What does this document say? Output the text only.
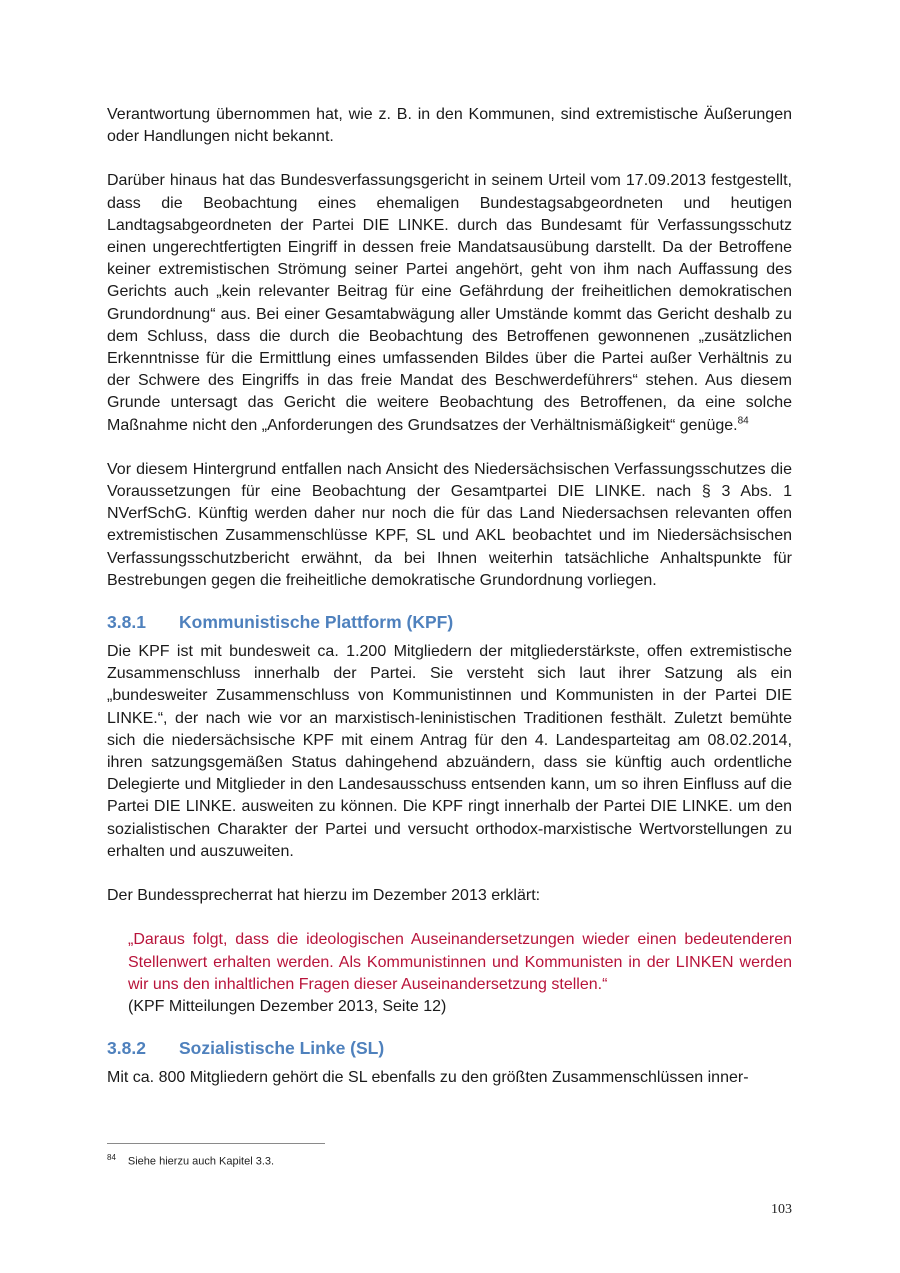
Verantwortung übernommen hat, wie z. B. in den Kommunen, sind extremistische Äußerungen oder Handlungen nicht bekannt.

Darüber hinaus hat das Bundesverfassungsgericht in seinem Urteil vom 17.09.2013 festgestellt, dass die Beobachtung eines ehemaligen Bundestagsabgeordneten und heutigen Landtagsabgeordneten der Partei DIE LINKE. durch das Bundesamt für Verfassungsschutz einen ungerechtfertigten Eingriff in dessen freie Mandatsausübung darstellt. Da der Betroffene keiner extremistischen Strömung seiner Partei angehört, geht von ihm nach Auffassung des Gerichts auch „kein relevanter Beitrag für eine Gefährdung der freiheitlichen demokratischen Grundordnung“ aus. Bei einer Gesamtabwägung aller Umstände kommt das Gericht deshalb zu dem Schluss, dass die durch die Beobachtung des Betroffenen gewonnenen „zusätzlichen Erkenntnisse für die Ermittlung eines umfassenden Bildes über die Partei außer Verhältnis zu der Schwere des Eingriffs in das freie Mandat des Beschwerdeführers“ stehen. Aus diesem Grunde untersagt das Gericht die weitere Beobachtung des Betroffenen, da eine solche Maßnahme nicht den „Anforderungen des Grundsatzes der Verhältnismäßigkeit“ genüge.$^{84}$

Vor diesem Hintergrund entfallen nach Ansicht des Niedersächsischen Verfassungsschutzes die Voraussetzungen für eine Beobachtung der Gesamtpartei DIE LINKE. nach § 3 Abs. 1 NVerfSchG. Künftig werden daher nur noch die für das Land Niedersachsen relevanten offen extremistischen Zusammenschlüsse KPF, SL und AKL beobachtet und im Niedersächsischen Verfassungsschutzbericht erwähnt, da bei Ihnen weiterhin tatsächliche Anhaltspunkte für Bestrebungen gegen die freiheitliche demokratische Grundordnung vorliegen.

3.8.1	Kommunistische Plattform (KPF)

Die KPF ist mit bundesweit ca. 1.200 Mitgliedern der mitgliederstärkste, offen extremistische Zusammenschluss innerhalb der Partei. Sie versteht sich laut ihrer Satzung als ein „bundesweiter Zusammenschluss von Kommunistinnen und Kommunisten in der Partei DIE LINKE.“, der nach wie vor an marxistisch-leninistischen Traditionen festhält. Zuletzt bemühte sich die niedersächsische KPF mit einem Antrag für den 4. Landesparteitag am 08.02.2014, ihren satzungsgemäßen Status dahingehend abzuändern, dass sie künftig auch ordentliche Delegierte und Mitglieder in den Landesausschuss entsenden kann, um so ihren Einfluss auf die Partei DIE LINKE. ausweiten zu können. Die KPF ringt innerhalb der Partei DIE LINKE. um den sozialistischen Charakter der Partei und versucht orthodox-marxistische Wertvorstellungen zu erhalten und auszuweiten.

Der Bundessprecherrat hat hierzu im Dezember 2013 erklärt:

„Daraus folgt, dass die ideologischen Auseinandersetzungen wieder einen bedeutenderen Stellenwert erhalten werden. Als Kommunistinnen und Kommunisten in der LINKEN werden wir uns den inhaltlichen Fragen dieser Auseinandersetzung stellen.“
(KPF Mitteilungen Dezember 2013, Seite 12)
3.8.2	Sozialistische Linke (SL)

Mit ca. 800 Mitgliedern gehört die SL ebenfalls zu den größten Zusammenschlüssen inner-

$^{84}$ Siehe hierzu auch Kapitel 3.3.
103
